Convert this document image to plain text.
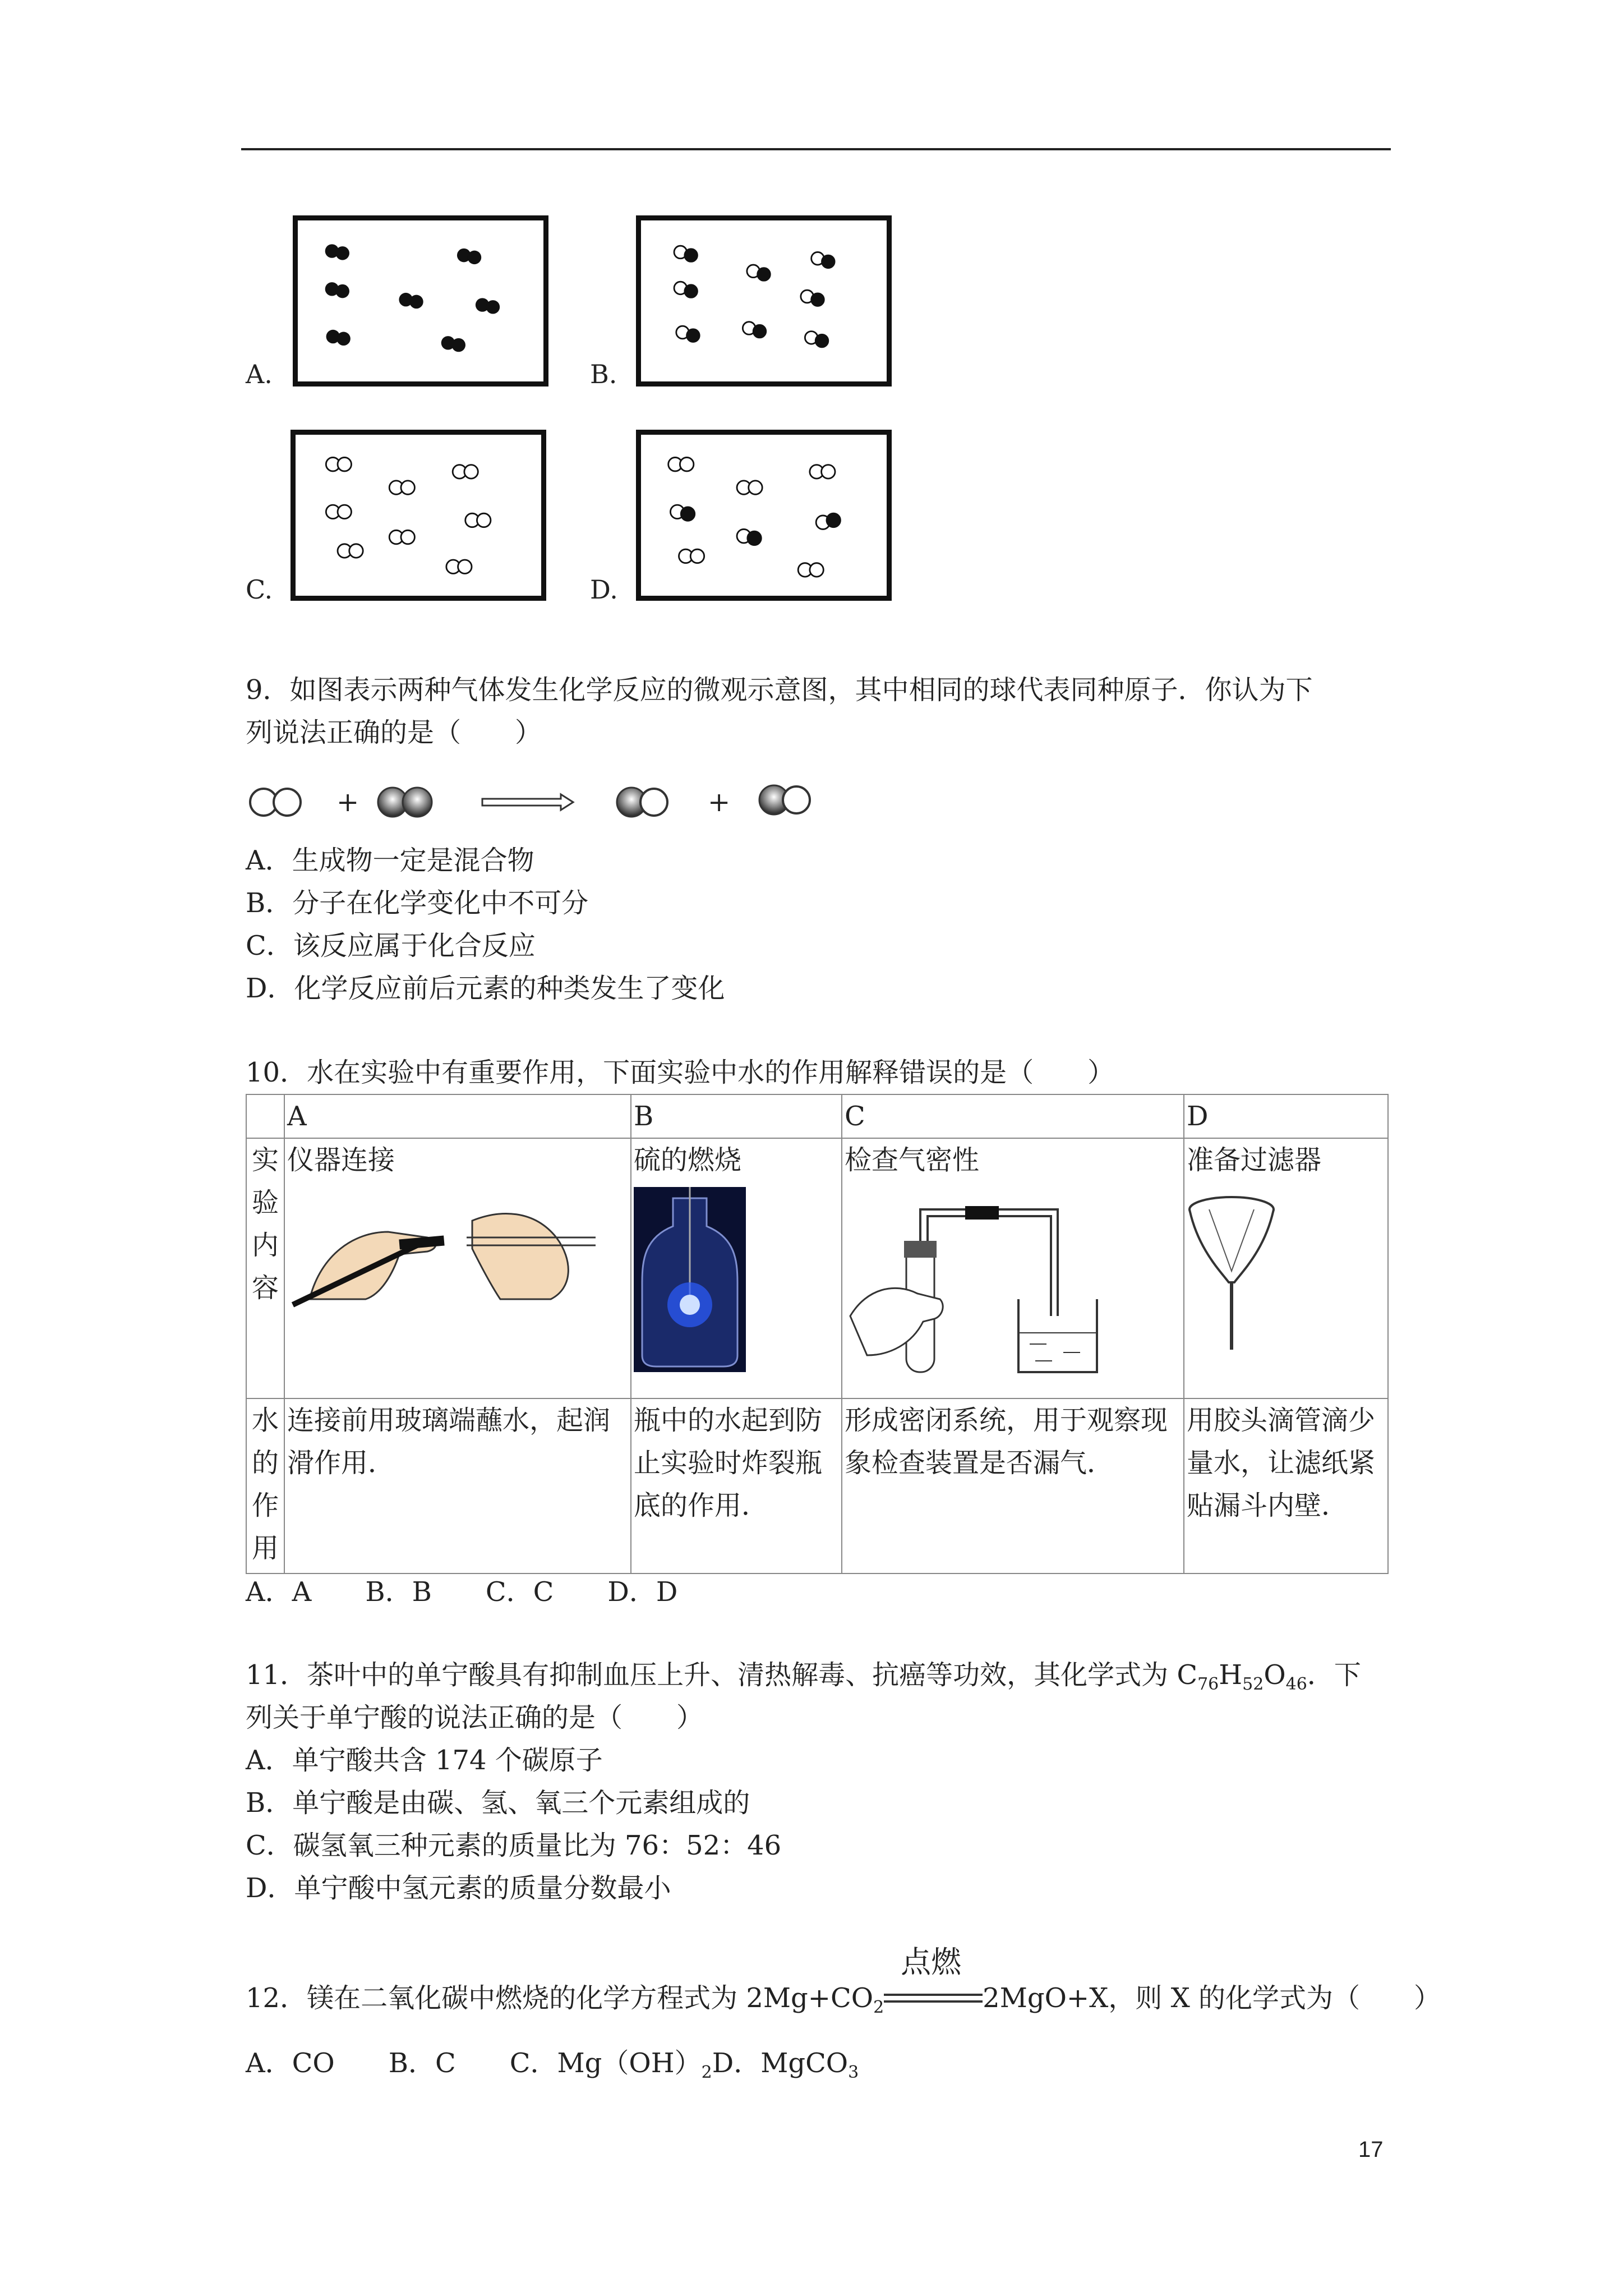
A.	B.
C.	D.
9．如图表示两种气体发生化学反应的微观示意图，其中相同的球代表同种原子．你认为下
列说法正确的是（　　）
+	+
A．生成物一定是混合物
B．分子在化学变化中不可分
C．该反应属于化合反应
D．化学反应前后元素的种类发生了变化
10．水在实验中有重要作用，下面实验中水的作用解释错误的是（　　）
	A	B	C	D
实验内容	仪器连接	硫的燃烧	检查气密性	准备过滤器

水的作用	连接前用玻璃端蘸水，起润滑作用．	瓶中的水起到防止实验时炸裂瓶底的作用．	形成密闭系统，用于观察现象检查装置是否漏气．	用胶头滴管滴少量水，让滤纸紧贴漏斗内壁．
A．A　　B．B　　C．C　　D．D
11．茶叶中的单宁酸具有抑制血压上升、清热解毒、抗癌等功效，其化学式为 $C_{76}H_{52}O_{46}$．下
列关于单宁酸的说法正确的是（　　）
A．单宁酸共含 174 个碳原子
B．单宁酸是由碳、氢、氧三个元素组成的
C．碳氢氧三种元素的质量比为 76：52：46
D．单宁酸中氢元素的质量分数最小
12．镁在二氧化碳中燃烧的化学方程式为 $2Mg+CO_2$
点燃
2MgO+X，则 X 的化学式为（　　）
A．CO　　 B．C　　 C．$Mg(OH)_2D$．MgCO$_3$
17
